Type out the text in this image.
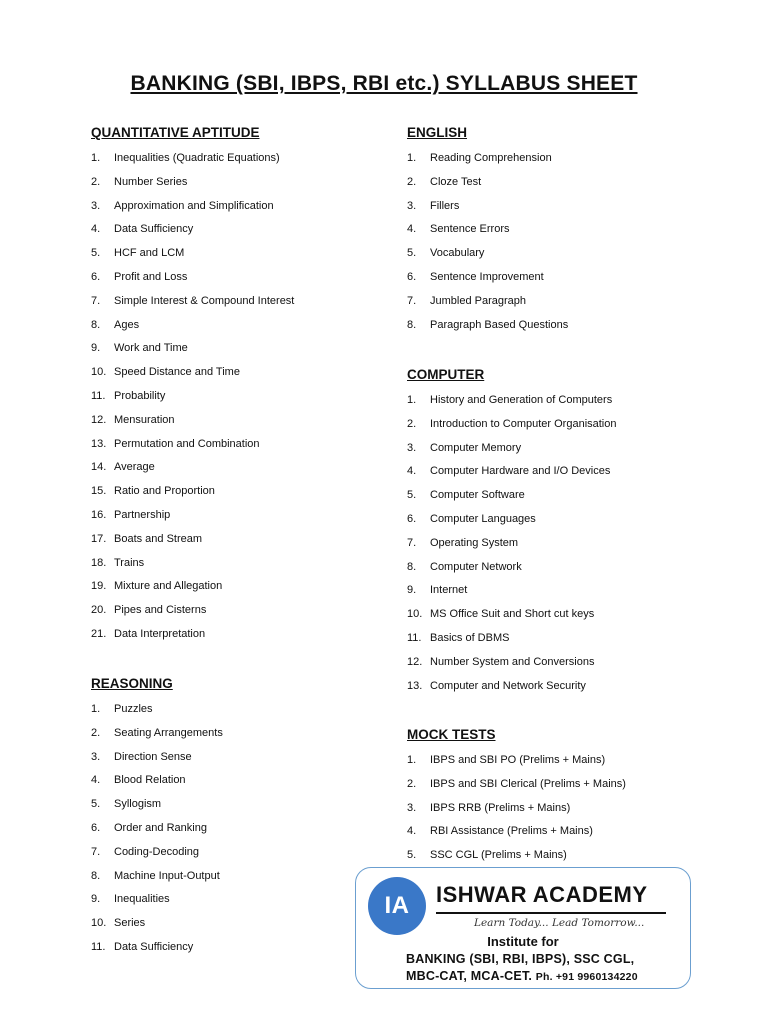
BANKING (SBI, IBPS, RBI etc.) SYLLABUS SHEET
QUANTITATIVE APTITUDE
1. Inequalities (Quadratic Equations)
2. Number Series
3. Approximation and Simplification
4. Data Sufficiency
5. HCF and LCM
6. Profit and Loss
7. Simple Interest & Compound Interest
8. Ages
9. Work and Time
10. Speed Distance and Time
11. Probability
12. Mensuration
13. Permutation and Combination
14. Average
15. Ratio and Proportion
16. Partnership
17. Boats and Stream
18. Trains
19. Mixture and Allegation
20. Pipes and Cisterns
21. Data Interpretation
REASONING
1. Puzzles
2. Seating Arrangements
3. Direction Sense
4. Blood Relation
5. Syllogism
6. Order and Ranking
7. Coding-Decoding
8. Machine Input-Output
9. Inequalities
10. Series
11. Data Sufficiency
ENGLISH
1. Reading Comprehension
2. Cloze Test
3. Fillers
4. Sentence Errors
5. Vocabulary
6. Sentence Improvement
7. Jumbled Paragraph
8. Paragraph Based Questions
COMPUTER
1. History and Generation of Computers
2. Introduction to Computer Organisation
3. Computer Memory
4. Computer Hardware and I/O Devices
5. Computer Software
6. Computer Languages
7. Operating System
8. Computer Network
9. Internet
10. MS Office Suit and Short cut keys
11. Basics of DBMS
12. Number System and Conversions
13. Computer and Network Security
MOCK TESTS
1. IBPS and SBI PO (Prelims + Mains)
2. IBPS and SBI Clerical (Prelims + Mains)
3. IBPS RRB (Prelims + Mains)
4. RBI Assistance (Prelims + Mains)
5. SSC CGL (Prelims + Mains)
IA	ISHWAR ACADEMY
Learn Today... Lead Tomorrow...
Institute for
BANKING (SBI, RBI, IBPS), SSC CGL,
MBC-CAT, MCA-CET. Ph. +91 9960134220
